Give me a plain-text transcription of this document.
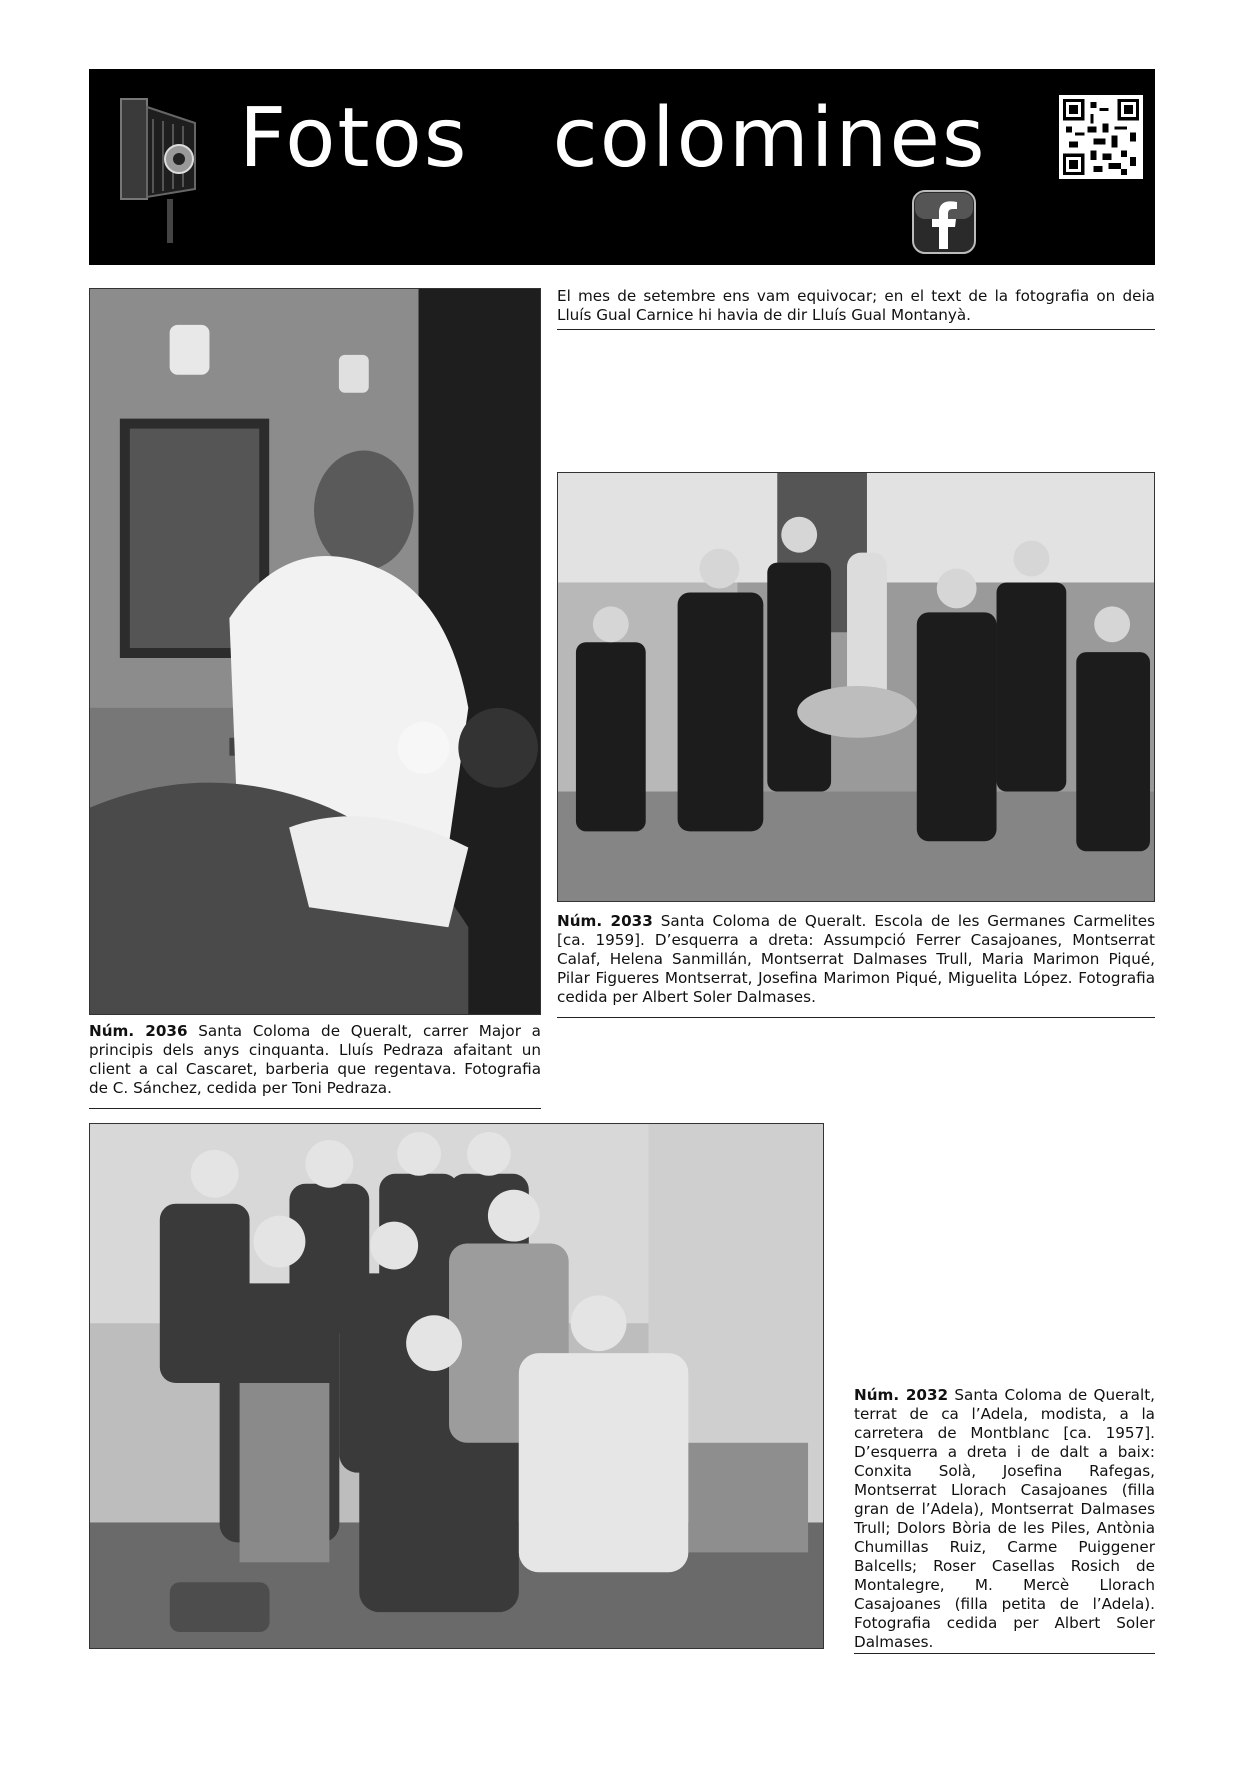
Fotos   colomines
El mes de setembre ens vam equivocar; en el text de la fotografia on deia Lluís Gual Carnice hi havia de dir Lluís Gual Montanyà.
Núm. 2036 Santa Coloma de Queralt, carrer Major a principis dels anys cinquanta. Lluís Pedraza afaitant un client a cal Cascaret, barberia que regentava. Fotografia de C. Sánchez, cedida per Toni Pedraza.
Núm. 2033 Santa Coloma de Queralt. Escola de les Germanes Carmelites [ca. 1959]. D’esquerra a dreta: Assumpció Ferrer Casajoanes, Montserrat Calaf, Helena Sanmillán, Montserrat Dalmases Trull, Maria Marimon Piqué, Pilar Figueres Montserrat, Josefina Marimon Piqué, Miguelita López. Fotografia cedida per Albert Soler Dalmases.
Núm. 2032 Santa Coloma de Queralt, terrat de ca l’Adela, modista, a la carretera de Montblanc [ca. 1957]. D’esquerra a dreta i de dalt a baix: Conxita Solà, Josefina Rafegas, Montserrat Llorach Casajoanes (filla gran de l’Adela), Montserrat Dalmases Trull; Dolors Bòria de les Piles, Antònia Chumillas Ruiz, Carme Puiggener Balcells; Roser Casellas Rosich de Montalegre, M. Mercè Llorach Casajoanes (filla petita de l’Adela). Fotografia cedida per Albert Soler Dalmases.
